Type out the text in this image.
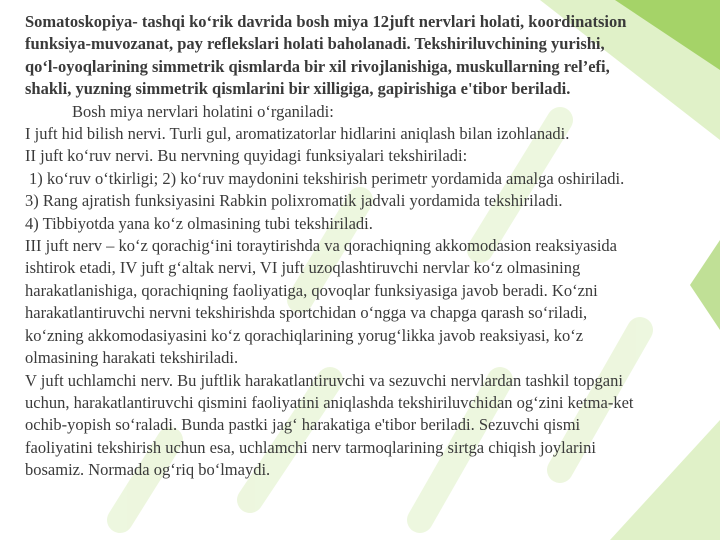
Somatoskopiya- tashqi ko‘rik davrida bosh miya 12juft nervlari holati, koordinatsion

funksiya-muvozanat, pay reflekslari holati baholanadi. Tekshiriluvchining yurishi,

qo‘l-oyoqlarining simmetrik qismlarda bir xil rivojlanishiga, muskullarning rel’efi,

shakli, yuzning simmetrik qismlarini bir xilligiga, gapirishiga e'tibor beriladi.

Bosh miya nervlari holatini o‘rganiladi:

I juft hid bilish nervi. Turli gul, aromatizatorlar hidlarini aniqlash bilan izohlanadi.

II juft ko‘ruv nervi. Bu nervning quyidagi funksiyalari tekshiriladi:

1) ko‘ruv o‘tkirligi; 2) ko‘ruv maydonini tekshirish perimetr yordamida amalga oshiriladi.

3) Rang ajratish funksiyasini Rabkin polixromatik jadvali yordamida tekshiriladi.

4) Tibbiyotda yana ko‘z olmasining tubi tekshiriladi.

III juft nerv – ko‘z qorachig‘ini toraytirishda va qorachiqning akkomodasion reaksiyasida

ishtirok etadi, IV juft g‘altak nervi, VI juft uzoqlashtiruvchi nervlar ko‘z olmasining

harakatlanishiga, qorachiqning faoliyatiga, qovoqlar funksiyasiga javob beradi. Ko‘zni

harakatlantiruvchi nervni tekshirishda sportchidan o‘ngga va chapga qarash so‘riladi,

ko‘zning akkomodasiyasini ko‘z qorachiqlarining yorug‘likka javob reaksiyasi, ko‘z

olmasining harakati tekshiriladi.

V juft uchlamchi nerv. Bu juftlik harakatlantiruvchi va sezuvchi nervlardan tashkil topgani

uchun, harakatlantiruvchi qismini faoliyatini aniqlashda tekshiriluvchidan og‘zini ketma-ket

ochib-yopish so‘raladi. Bunda pastki jag‘ harakatiga e'tibor beriladi. Sezuvchi qismi

faoliyatini tekshirish uchun esa, uchlamchi nerv tarmoqlarining sirtga chiqish joylarini

bosamiz. Normada og‘riq bo‘lmaydi.
